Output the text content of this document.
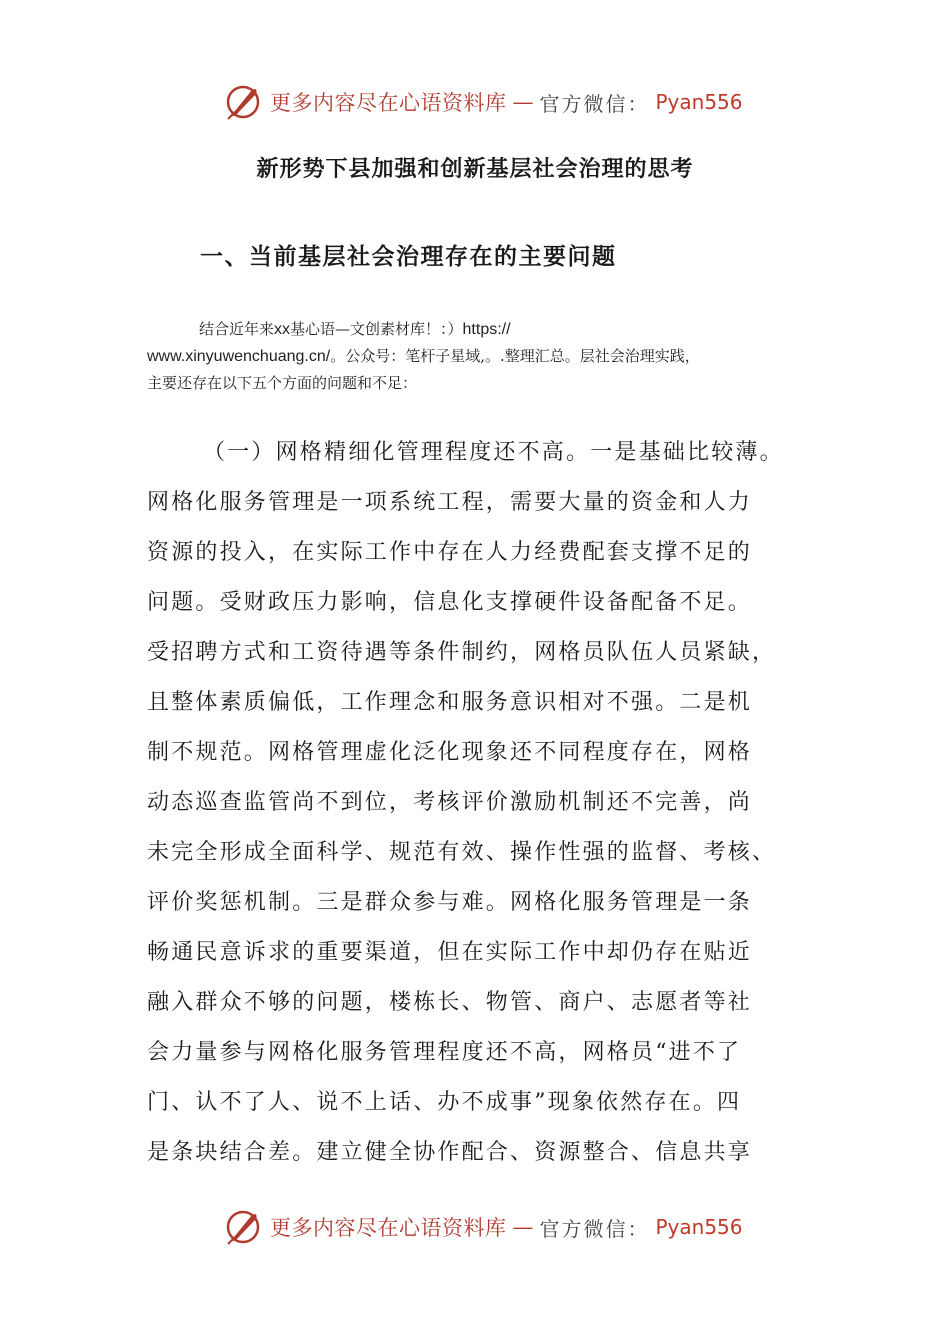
更多内容尽在心语资料库 — 官方微信： Pyan556
新形势下县加强和创新基层社会治理的思考
一、当前基层社会治理存在的主要问题
结合近年来xx基心语—文创素材库！：）https://
www.xinyuwenchuang.cn/。公众号：笔杆子星域,。.整理汇总。层社会治理实践，
主要还存在以下五个方面的问题和不足：
（一）网格精细化管理程度还不高。一是基础比较薄。
网格化服务管理是一项系统工程，需要大量的资金和人力
资源的投入，在实际工作中存在人力经费配套支撑不足的
问题。受财政压力影响，信息化支撑硬件设备配备不足。
受招聘方式和工资待遇等条件制约，网格员队伍人员紧缺，
且整体素质偏低，工作理念和服务意识相对不强。二是机
制不规范。网格管理虚化泛化现象还不同程度存在，网格
动态巡查监管尚不到位，考核评价激励机制还不完善，尚
未完全形成全面科学、规范有效、操作性强的监督、考核、
评价奖惩机制。三是群众参与难。网格化服务管理是一条
畅通民意诉求的重要渠道，但在实际工作中却仍存在贴近
融入群众不够的问题，楼栋长、物管、商户、志愿者等社
会力量参与网格化服务管理程度还不高，网格员“进不了
门、认不了人、说不上话、办不成事”现象依然存在。四
是条块结合差。建立健全协作配合、资源整合、信息共享
更多内容尽在心语资料库 — 官方微信： Pyan556
